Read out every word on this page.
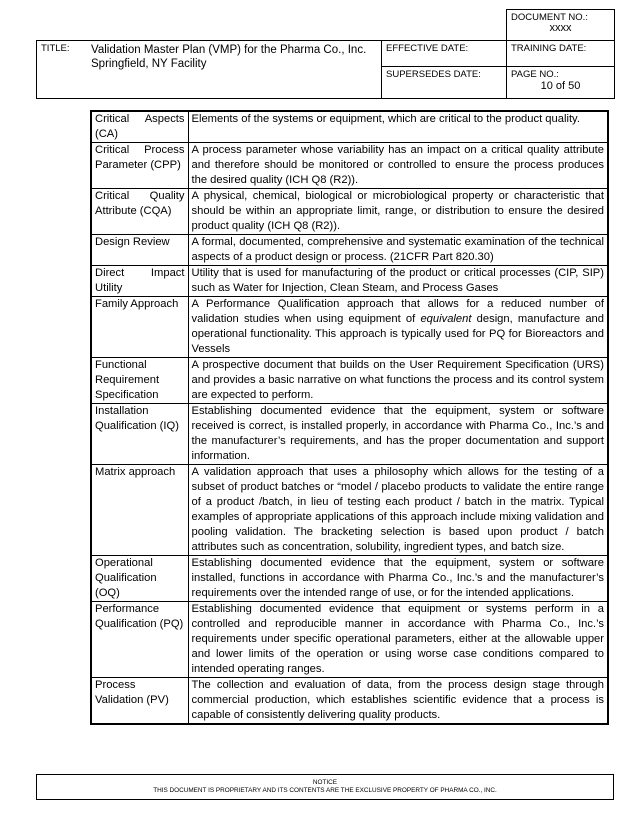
		DOCUMENT NO.:
xxxx

TITLE: Validation Master Plan (VMP) for the Pharma Co., Inc. Springfield, NY Facility	EFFECTIVE DATE:	TRAINING DATE:
	SUPERSEDES DATE:	PAGE NO.:
10 of 50
Critical Aspects (CA)	Elements of the systems or equipment, which are critical to the product quality.
Critical Process Parameter (CPP)	A process parameter whose variability has an impact on a critical quality attribute and therefore should be monitored or controlled to ensure the process produces the desired quality (ICH Q8 (R2)).
Critical Quality Attribute (CQA)	A physical, chemical, biological or microbiological property or characteristic that should be within an appropriate limit, range, or distribution to ensure the desired product quality (ICH Q8 (R2)).
Design Review	A formal, documented, comprehensive and systematic examination of the technical aspects of a product design or process. (21CFR Part 820.30)
Direct Impact Utility	Utility that is used for manufacturing of the product or critical processes (CIP, SIP) such as Water for Injection, Clean Steam, and Process Gases
Family Approach	A Performance Qualification approach that allows for a reduced number of validation studies when using equipment of equivalent design, manufacture and operational functionality. This approach is typically used for PQ for Bioreactors and Vessels
Functional Requirement Specification	A prospective document that builds on the User Requirement Specification (URS) and provides a basic narrative on what functions the process and its control system are expected to perform.
Installation Qualification (IQ)	Establishing documented evidence that the equipment, system or software received is correct, is installed properly, in accordance with Pharma Co., Inc.’s and the manufacturer’s requirements, and has the proper documentation and support information.
Matrix approach	A validation approach that uses a philosophy which allows for the testing of a subset of product batches or “model / placebo products to validate the entire range of a product /batch, in lieu of testing each product / batch in the matrix. Typical examples of appropriate applications of this approach include mixing validation and pooling validation. The bracketing selection is based upon product / batch attributes such as concentration, solubility, ingredient types, and batch size.
Operational Qualification (OQ)	Establishing documented evidence that the equipment, system or software installed, functions in accordance with Pharma Co., Inc.’s and the manufacturer’s requirements over the intended range of use, or for the intended applications.
Performance Qualification (PQ)	Establishing documented evidence that equipment or systems perform in a controlled and reproducible manner in accordance with Pharma Co., Inc.’s requirements under specific operational parameters, either at the allowable upper and lower limits of the operation or using worse case conditions compared to intended operating ranges.
Process Validation (PV)	The collection and evaluation of data, from the process design stage through commercial production, which establishes scientific evidence that a process is capable of consistently delivering quality products.
NOTICE
THIS DOCUMENT IS PROPRIETARY AND ITS CONTENTS ARE THE EXCLUSIVE PROPERTY OF PHARMA CO., INC.
